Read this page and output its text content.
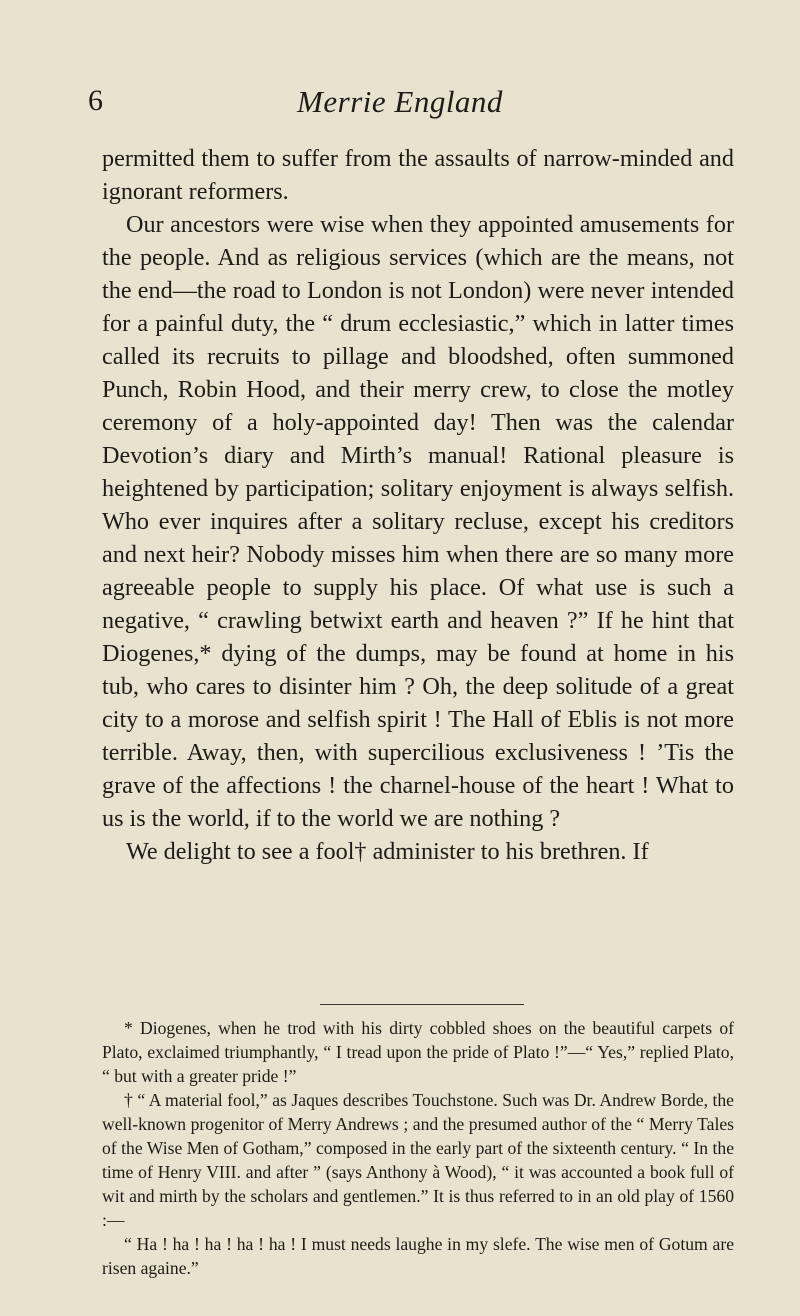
Merrie England
6

permitted them to suffer from the assaults of narrow-minded and ignorant reformers.

Our ancestors were wise when they appointed amusements for the people. And as religious services (which are the means, not the end—the road to London is not London) were never intended for a painful duty, the “ drum ecclesiastic,” which in latter times called its recruits to pillage and bloodshed, often summoned Punch, Robin Hood, and their merry crew, to close the motley ceremony of a holy-appointed day! Then was the calendar Devotion’s diary and Mirth’s manual! Rational pleasure is heightened by participation; solitary enjoyment is always selfish. Who ever inquires after a solitary recluse, except his creditors and next heir? Nobody misses him when there are so many more agreeable people to supply his place. Of what use is such a negative, “ crawling betwixt earth and heaven ?” If he hint that Diogenes,* dying of the dumps, may be found at home in his tub, who cares to disinter him ? Oh, the deep solitude of a great city to a morose and selfish spirit ! The Hall of Eblis is not more terrible. Away, then, with supercilious exclusiveness ! ’Tis the grave of the affections ! the charnel-house of the heart ! What to us is the world, if to the world we are nothing ?

We delight to see a fool† administer to his brethren. If

* Diogenes, when he trod with his dirty cobbled shoes on the beautiful carpets of Plato, exclaimed triumphantly, “ I tread upon the pride of Plato !”—“ Yes,” replied Plato, “ but with a greater pride !”

† “ A material fool,” as Jaques describes Touchstone. Such was Dr. Andrew Borde, the well-known progenitor of Merry Andrews ; and the presumed author of the “ Merry Tales of the Wise Men of Gotham,” composed in the early part of the sixteenth century. “ In the time of Henry VIII. and after ” (says Anthony à Wood), “ it was accounted a book full of wit and mirth by the scholars and gentlemen.” It is thus referred to in an old play of 1560 :—

“ Ha ! ha ! ha ! ha ! ha ! I must needs laughe in my slefe. The wise men of Gotum are risen againe.”
